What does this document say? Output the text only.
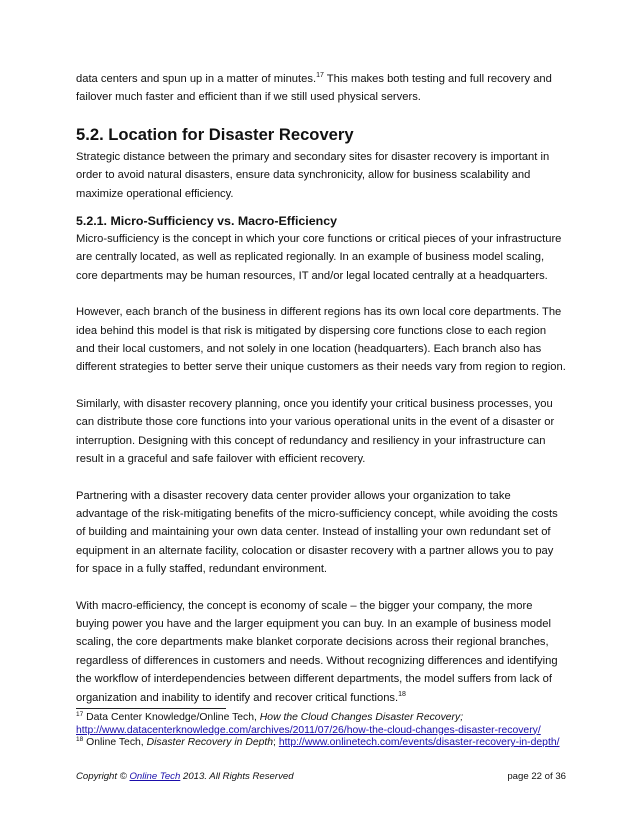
data centers and spun up in a matter of minutes.$^{17}$ This makes both testing and full recovery and failover much faster and efficient than if we still used physical servers.

5.2. Location for Disaster Recovery

Strategic distance between the primary and secondary sites for disaster recovery is important in order to avoid natural disasters, ensure data synchronicity, allow for business scalability and maximize operational efficiency.

5.2.1. Micro-Sufficiency vs. Macro-Efficiency

Micro-sufficiency is the concept in which your core functions or critical pieces of your infrastructure are centrally located, as well as replicated regionally. In an example of business model scaling, core departments may be human resources, IT and/or legal located centrally at a headquarters.

However, each branch of the business in different regions has its own local core departments. The idea behind this model is that risk is mitigated by dispersing core functions close to each region and their local customers, and not solely in one location (headquarters). Each branch also has different strategies to better serve their unique customers as their needs vary from region to region.

Similarly, with disaster recovery planning, once you identify your critical business processes, you can distribute those core functions into your various operational units in the event of a disaster or interruption. Designing with this concept of redundancy and resiliency in your infrastructure can result in a graceful and safe failover with efficient recovery.

Partnering with a disaster recovery data center provider allows your organization to take advantage of the risk-mitigating benefits of the micro-sufficiency concept, while avoiding the costs of building and maintaining your own data center. Instead of installing your own redundant set of equipment in an alternate facility, colocation or disaster recovery with a partner allows you to pay for space in a fully staffed, redundant environment.

With macro-efficiency, the concept is economy of scale – the bigger your company, the more buying power you have and the larger equipment you can buy. In an example of business model scaling, the core departments make blanket corporate decisions across their regional branches, regardless of differences in customers and needs. Without recognizing differences and identifying the workflow of interdependencies between different departments, the model suffers from lack of organization and inability to identify and recover critical functions.$^{18}$

$^{17}$ Data Center Knowledge/Online Tech, How the Cloud Changes Disaster Recovery;
http://www.datacenterknowledge.com/archives/2011/07/26/how-the-cloud-changes-disaster-recovery/

$^{18}$ Online Tech, Disaster Recovery in Depth; http://www.onlinetech.com/events/disaster-recovery-in-depth/

Copyright © Online Tech 2013. All Rights Reserved	page 22 of 36
